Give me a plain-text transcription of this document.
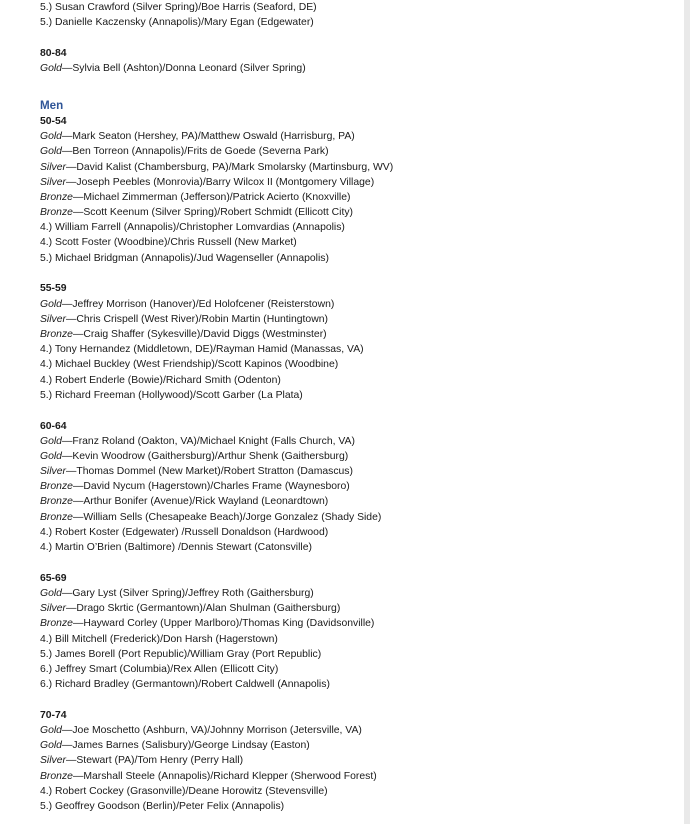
5.) Susan Crawford (Silver Spring)/Boe Harris (Seaford, DE)
5.) Danielle Kaczensky (Annapolis)/Mary Egan (Edgewater)
80-84
Gold—Sylvia Bell (Ashton)/Donna Leonard (Silver Spring)
Men
50-54
Gold—Mark Seaton (Hershey, PA)/Matthew Oswald (Harrisburg, PA)
Gold—Ben Torreon (Annapolis)/Frits de Goede (Severna Park)
Silver—David Kalist (Chambersburg, PA)/Mark Smolarsky (Martinsburg, WV)
Silver—Joseph Peebles (Monrovia)/Barry Wilcox II (Montgomery Village)
Bronze—Michael Zimmerman (Jefferson)/Patrick Acierto (Knoxville)
Bronze—Scott Keenum (Silver Spring)/Robert Schmidt (Ellicott City)
4.) William Farrell (Annapolis)/Christopher Lomvardias (Annapolis)
4.) Scott Foster (Woodbine)/Chris Russell (New Market)
5.) Michael Bridgman (Annapolis)/Jud Wagenseller (Annapolis)
55-59
Gold—Jeffrey Morrison (Hanover)/Ed Holofcener (Reisterstown)
Silver—Chris Crispell (West River)/Robin Martin (Huntingtown)
Bronze—Craig Shaffer (Sykesville)/David Diggs (Westminster)
4.) Tony Hernandez (Middletown, DE)/Rayman Hamid (Manassas, VA)
4.) Michael Buckley (West Friendship)/Scott Kapinos (Woodbine)
4.) Robert Enderle (Bowie)/Richard Smith (Odenton)
5.) Richard Freeman (Hollywood)/Scott Garber (La Plata)
60-64
Gold—Franz Roland (Oakton, VA)/Michael Knight (Falls Church, VA)
Gold—Kevin Woodrow (Gaithersburg)/Arthur Shenk (Gaithersburg)
Silver—Thomas Dommel (New Market)/Robert Stratton (Damascus)
Bronze—David Nycum (Hagerstown)/Charles Frame (Waynesboro)
Bronze—Arthur Bonifer (Avenue)/Rick Wayland (Leonardtown)
Bronze—William Sells (Chesapeake Beach)/Jorge Gonzalez (Shady Side)
4.) Robert Koster (Edgewater) /Russell Donaldson (Hardwood)
4.) Martin O’Brien (Baltimore) /Dennis Stewart (Catonsville)
65-69
Gold—Gary Lyst (Silver Spring)/Jeffrey Roth (Gaithersburg)
Silver—Drago Skrtic (Germantown)/Alan Shulman (Gaithersburg)
Bronze—Hayward Corley (Upper Marlboro)/Thomas King (Davidsonville)
4.) Bill Mitchell (Frederick)/Don Harsh (Hagerstown)
5.) James Borell (Port Republic)/William Gray (Port Republic)
6.) Jeffrey Smart (Columbia)/Rex Allen (Ellicott City)
6.) Richard Bradley (Germantown)/Robert Caldwell (Annapolis)
70-74
Gold—Joe Moschetto (Ashburn, VA)/Johnny Morrison (Jetersville, VA)
Gold—James Barnes (Salisbury)/George Lindsay (Easton)
Silver—Stewart (PA)/Tom Henry (Perry Hall)
Bronze—Marshall Steele (Annapolis)/Richard Klepper (Sherwood Forest)
4.) Robert Cockey (Grasonville)/Deane Horowitz (Stevensville)
5.) Geoffrey Goodson (Berlin)/Peter Felix (Annapolis)
